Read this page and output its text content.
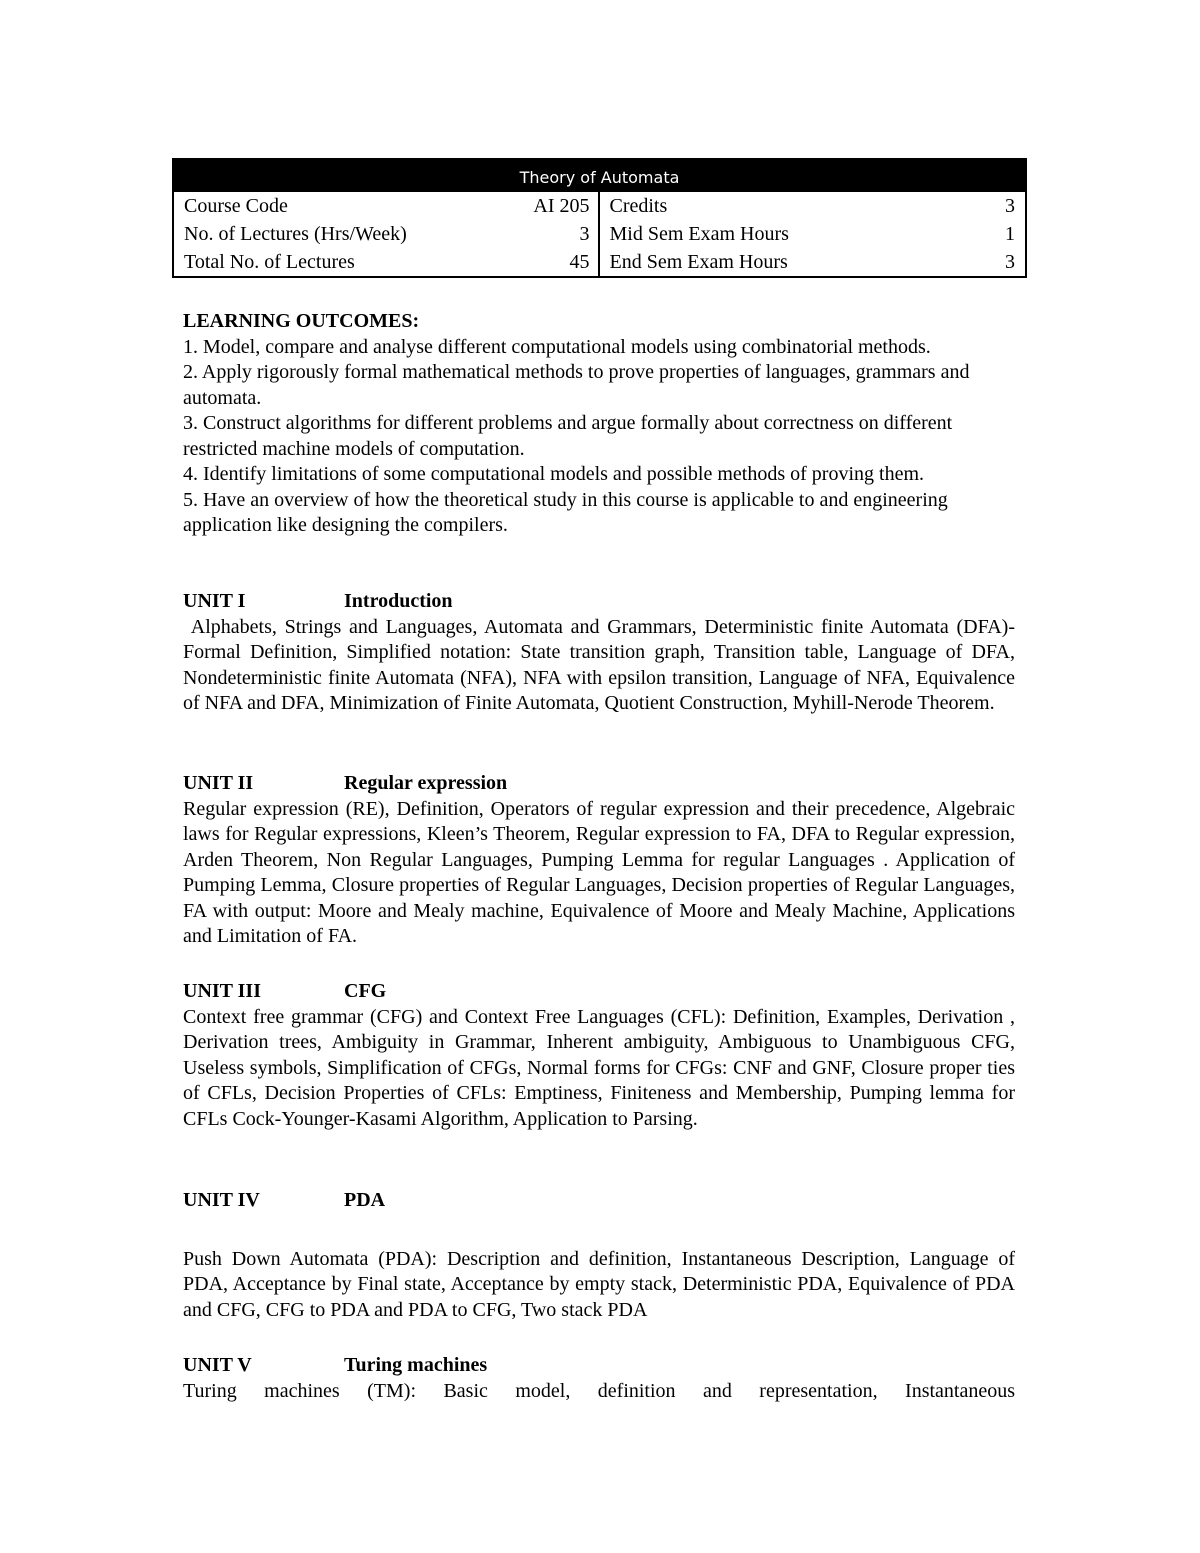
Theory of Automata
Course Code	AI 205 Credits	3
No. of Lectures (Hrs/Week)	3 Mid Sem Exam Hours	1
Total No. of Lectures	45 End Sem Exam Hours	3
LEARNING OUTCOMES:
1. Model, compare and analyse different computational models using combinatorial methods.
2. Apply rigorously formal mathematical methods to prove properties of languages, grammars and automata.
3. Construct algorithms for different problems and argue formally about correctness on different restricted machine models of computation.
4. Identify limitations of some computational models and possible methods of proving them.
5. Have an overview of how the theoretical study in this course is applicable to and engineering application like designing the compilers.
UNIT I	Introduction
Alphabets, Strings and Languages, Automata and Grammars, Deterministic finite Automata (DFA)-Formal Definition, Simplified notation: State transition graph, Transition table, Language of DFA, Nondeterministic finite Automata (NFA), NFA with epsilon transition, Language of NFA, Equivalence of NFA and DFA, Minimization of Finite Automata, Quotient Construction, Myhill-Nerode Theorem.
UNIT II	Regular expression
Regular expression (RE), Definition, Operators of regular expression and their precedence, Algebraic laws for Regular expressions, Kleen’s Theorem, Regular expression to FA, DFA to Regular expression, Arden Theorem, Non Regular Languages, Pumping Lemma for regular Languages . Application of Pumping Lemma, Closure properties of Regular Languages, Decision properties of Regular Languages, FA with output: Moore and Mealy machine, Equivalence of Moore and Mealy Machine, Applications and Limitation of FA.
UNIT III	CFG
Context free grammar (CFG) and Context Free Languages (CFL): Definition, Examples, Derivation , Derivation trees, Ambiguity in Grammar, Inherent ambiguity, Ambiguous to Unambiguous CFG, Useless symbols, Simplification of CFGs, Normal forms for CFGs: CNF and GNF, Closure proper ties of CFLs, Decision Properties of CFLs: Emptiness, Finiteness and Membership, Pumping lemma for CFLs Cock-Younger-Kasami Algorithm, Application to Parsing.
UNIT IV	PDA
Push Down Automata (PDA): Description and definition, Instantaneous Description, Language of PDA, Acceptance by Final state, Acceptance by empty stack, Deterministic PDA, Equivalence of PDA and CFG, CFG to PDA and PDA to CFG, Two stack PDA
UNIT V	Turing machines
Turing machines (TM): Basic model, definition and representation, Instantaneous
